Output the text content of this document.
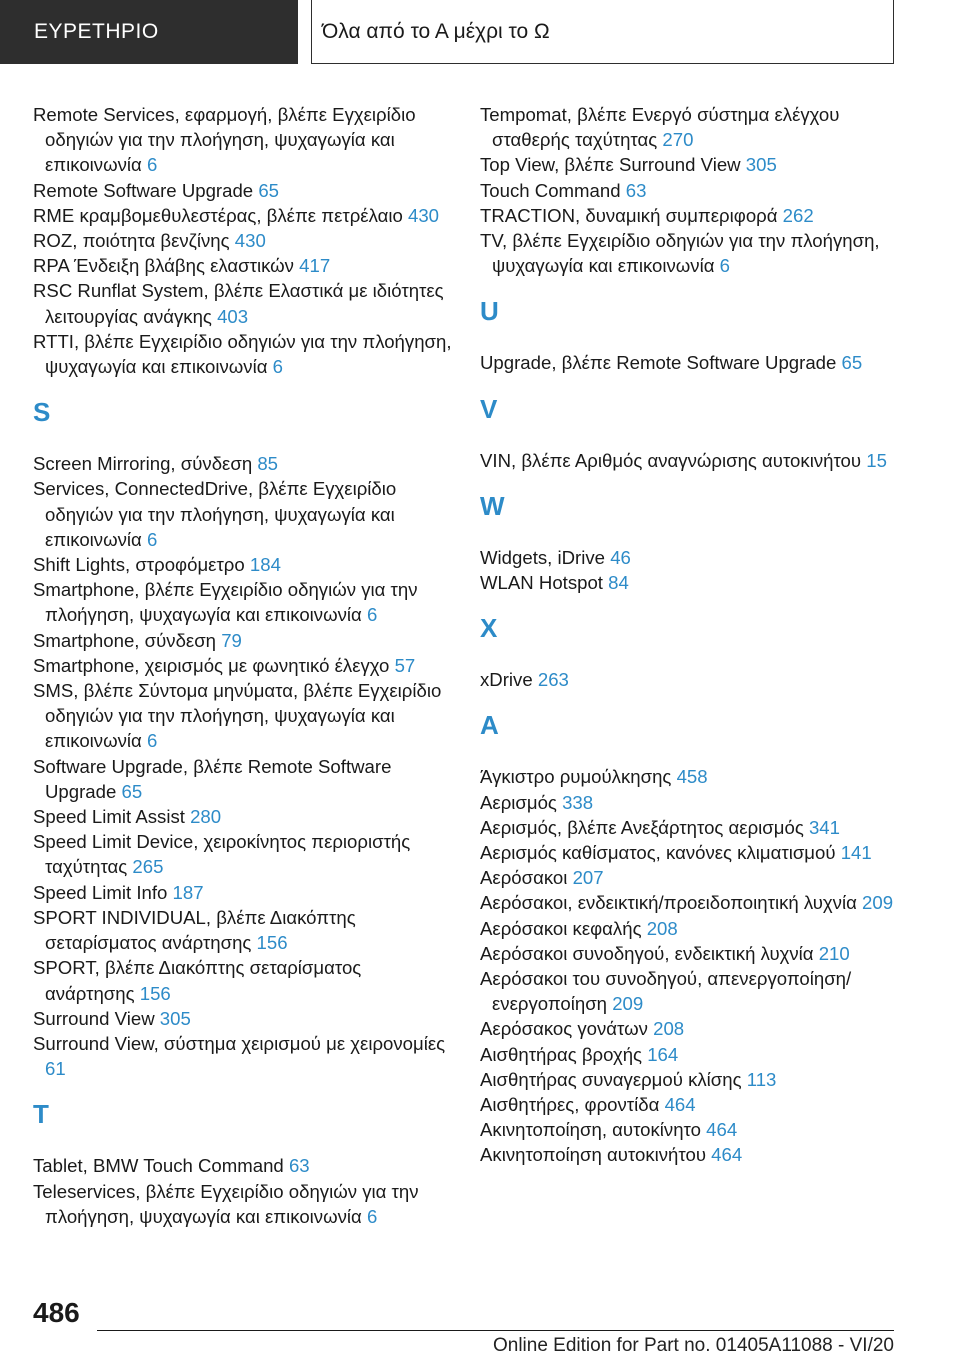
ΕΥΡΕΤΗΡΙΟ	Όλα από το Α μέχρι το Ω
Remote Services, εφαρμογή, βλέπε Εγχειρίδιο οδηγιών για την πλοήγηση, ψυχαγωγία και επικοινωνία 6
Remote Software Upgrade 65
RME κραμβομεθυλεστέρας, βλέπε πετρέλαιο 430
ROZ, ποιότητα βενζίνης 430
RPA Ένδειξη βλάβης ελαστικών 417
RSC Runflat System, βλέπε Ελαστικά με ιδιότητες λειτουργίας ανάγκης 403
RTTI, βλέπε Εγχειρίδιο οδηγιών για την πλοήγηση, ψυχαγωγία και επικοινωνία 6
S
Screen Mirroring, σύνδεση 85
Services, ConnectedDrive, βλέπε Εγχειρίδιο οδηγιών για την πλοήγηση, ψυχαγωγία και επικοινωνία 6
Shift Lights, στροφόμετρο 184
Smartphone, βλέπε Εγχειρίδιο οδηγιών για την πλοήγηση, ψυχαγωγία και επικοινωνία 6
Smartphone, σύνδεση 79
Smartphone, χειρισμός με φωνητικό έλεγχο 57
SMS, βλέπε Σύντομα μηνύματα, βλέπε Εγχειρίδιο οδηγιών για την πλοήγηση, ψυχαγωγία και επικοινωνία 6
Software Upgrade, βλέπε Remote Software Upgrade 65
Speed Limit Assist 280
Speed Limit Device, χειροκίνητος περιοριστής ταχύτητας 265
Speed Limit Info 187
SPORT INDIVIDUAL, βλέπε Διακόπτης σεταρίσματος ανάρτησης 156
SPORT, βλέπε Διακόπτης σεταρίσματος ανάρτησης 156
Surround View 305
Surround View, σύστημα χειρισμού με χειρονομίες 61
T
Tablet, BMW Touch Command 63
Teleservices, βλέπε Εγχειρίδιο οδηγιών για την πλοήγηση, ψυχαγωγία και επικοινωνία 6
Tempomat, βλέπε Ενεργό σύστημα ελέγχου σταθερής ταχύτητας 270
Top View, βλέπε Surround View 305
Touch Command 63
TRACTION, δυναμική συμπεριφορά 262
TV, βλέπε Εγχειρίδιο οδηγιών για την πλοήγηση, ψυχαγωγία και επικοινωνία 6
U
Upgrade, βλέπε Remote Software Upgrade 65
V
VIN, βλέπε Αριθμός αναγνώρισης αυτοκινήτου 15
W
Widgets, iDrive 46
WLAN Hotspot 84
X
xDrive 263
A
Άγκιστρο ρυμούλκησης 458
Αερισμός 338
Αερισμός, βλέπε Ανεξάρτητος αερισμός 341
Αερισμός καθίσματος, κανόνες κλιματισμού 141
Αερόσακοι 207
Αερόσακοι, ενδεικτική/προειδοποιητική λυχνία 209
Αερόσακοι κεφαλής 208
Αερόσακοι συνοδηγού, ενδεικτική λυχνία 210
Αερόσακοι του συνοδηγού, απενεργοποίηση/ενεργοποίηση 209
Αερόσακος γονάτων 208
Αισθητήρας βροχής 164
Αισθητήρας συναγερμού κλίσης 113
Αισθητήρες, φροντίδα 464
Ακινητοποίηση, αυτοκίνητο 464
Ακινητοποίηση αυτοκινήτου 464
486
Online Edition for Part no. 01405A11088 - VI/20
